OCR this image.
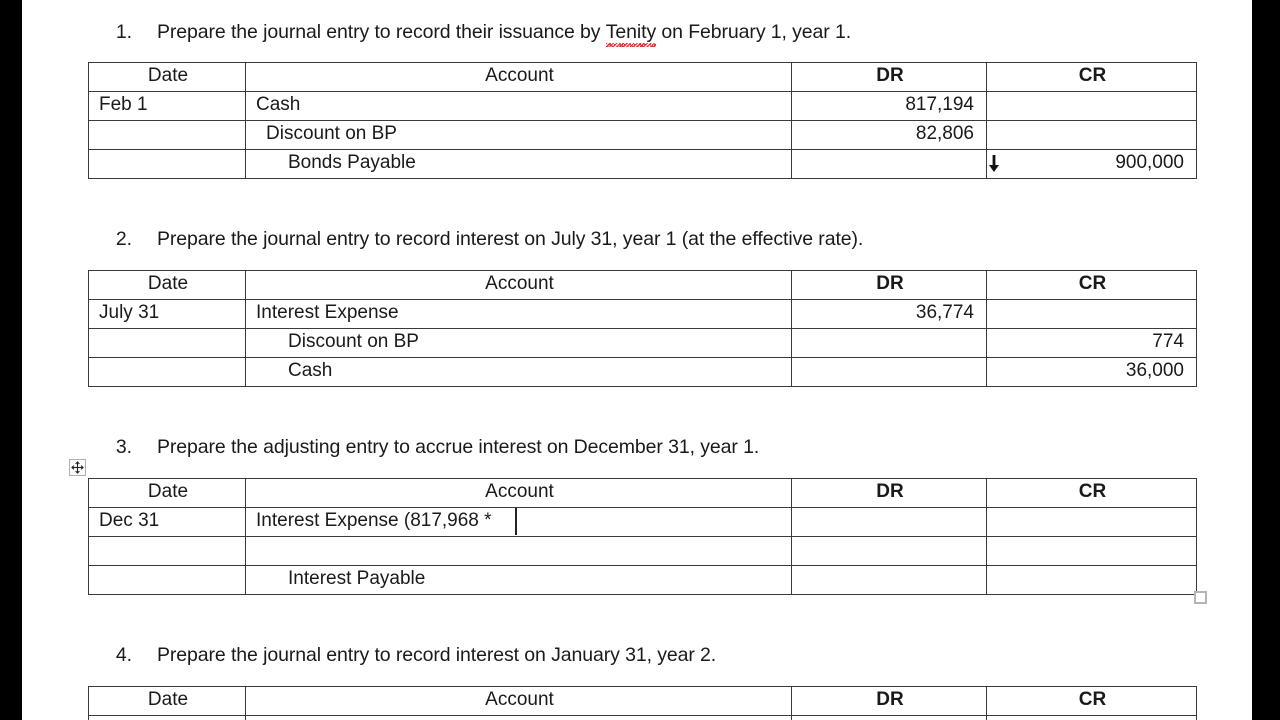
1.	Prepare the journal entry to record their issuance by Tenity on February 1, year 1.
Date	Account	DR	CR

Feb 1	Cash	817,194	

	Discount on BP	82,806	

	Bonds Payable		900,000
2.	Prepare the journal entry to record interest on July 31, year 1 (at the effective rate).
Date	Account	DR	CR

July 31	Interest Expense	36,774	

	Discount on BP		774

	Cash		36,000
3.	Prepare the adjusting entry to accrue interest on December 31, year 1.
Date	Account	DR	CR

Dec 31	Interest Expense (817,968 *		

	Interest Payable		

4.	Prepare the journal entry to record interest on January 31, year 2.
Date	Account	DR	CR
